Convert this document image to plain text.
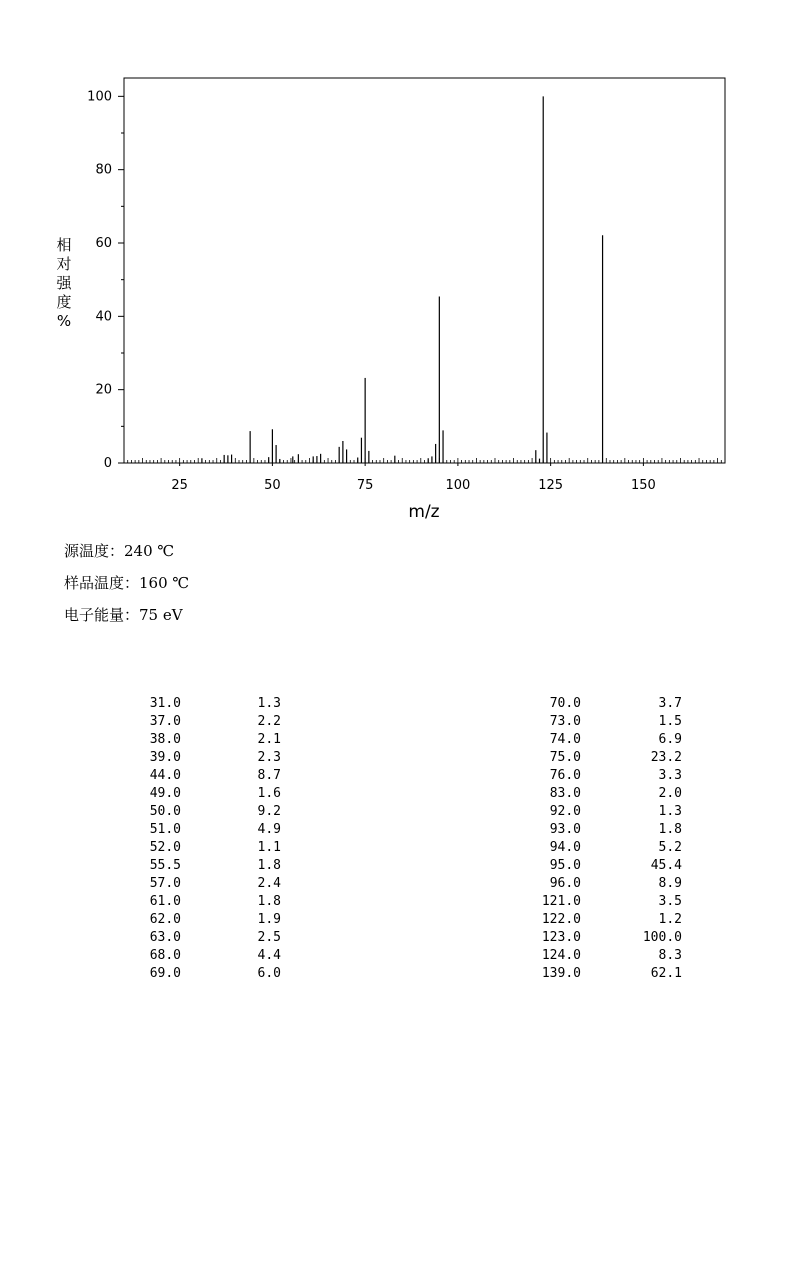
0
20
40
60
80
100
25	50	75	100	125	150
m/z
相
对
强
度
%
源温度：240 ℃
样品温度：160 ℃
电子能量：75 eV
31.0	1.3
37.0	2.2
38.0	2.1
39.0	2.3
44.0	8.7
49.0	1.6
50.0	9.2
51.0	4.9
52.0	1.1
55.5	1.8
57.0	2.4
61.0	1.8
62.0	1.9
63.0	2.5
68.0	4.4
69.0	6.0
70.0	3.7
73.0	1.5
74.0	6.9
75.0	23.2
76.0	3.3
83.0	2.0
92.0	1.3
93.0	1.8
94.0	5.2
95.0	45.4
96.0	8.9
121.0	3.5
122.0	1.2
123.0	100.0
124.0	8.3
139.0	62.1
